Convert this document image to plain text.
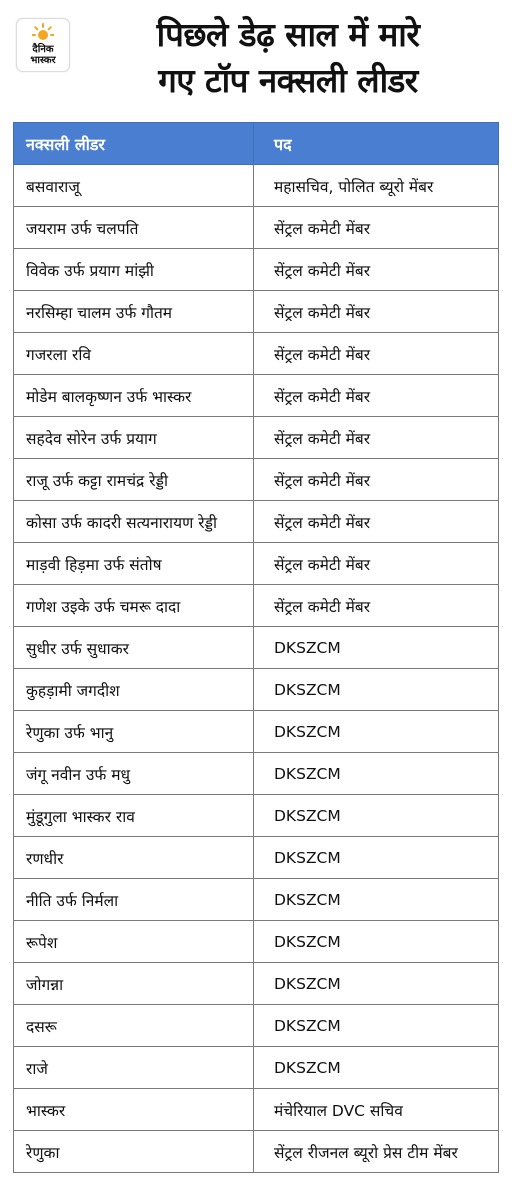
दैनिक
भास्कर
पिछले डेढ़ साल में मारे
गए टॉप नक्सली लीडर
नक्सली लीडर	पद
बसवाराजू	महासचिव, पोलित ब्यूरो मेंबर
जयराम उर्फ चलपति	सेंट्रल कमेटी मेंबर
विवेक उर्फ प्रयाग मांझी	सेंट्रल कमेटी मेंबर
नरसिम्हा चालम उर्फ गौतम	सेंट्रल कमेटी मेंबर
गजरला रवि	सेंट्रल कमेटी मेंबर
मोडेम बालकृष्णन उर्फ भास्कर	सेंट्रल कमेटी मेंबर
सहदेव सोरेन उर्फ प्रयाग	सेंट्रल कमेटी मेंबर
राजू उर्फ कट्टा रामचंद्र रेड्डी	सेंट्रल कमेटी मेंबर
कोसा उर्फ कादरी सत्यनारायण रेड्डी	सेंट्रल कमेटी मेंबर
माड़वी हिड़मा उर्फ संतोष	सेंट्रल कमेटी मेंबर
गणेश उइके उर्फ चमरू दादा	सेंट्रल कमेटी मेंबर
सुधीर उर्फ सुधाकर	DKSZCM
कुहड़ामी जगदीश	DKSZCM
रेणुका उर्फ भानु	DKSZCM
जंगू नवीन उर्फ मधु	DKSZCM
मुंडूगुला भास्कर राव	DKSZCM
रणधीर	DKSZCM
नीति उर्फ निर्मला	DKSZCM
रूपेश	DKSZCM
जोगन्ना	DKSZCM
दसरू	DKSZCM
राजे	DKSZCM
भास्कर	मंचेरियाल DVC सचिव
रेणुका	सेंट्रल रीजनल ब्यूरो प्रेस टीम मेंबर
